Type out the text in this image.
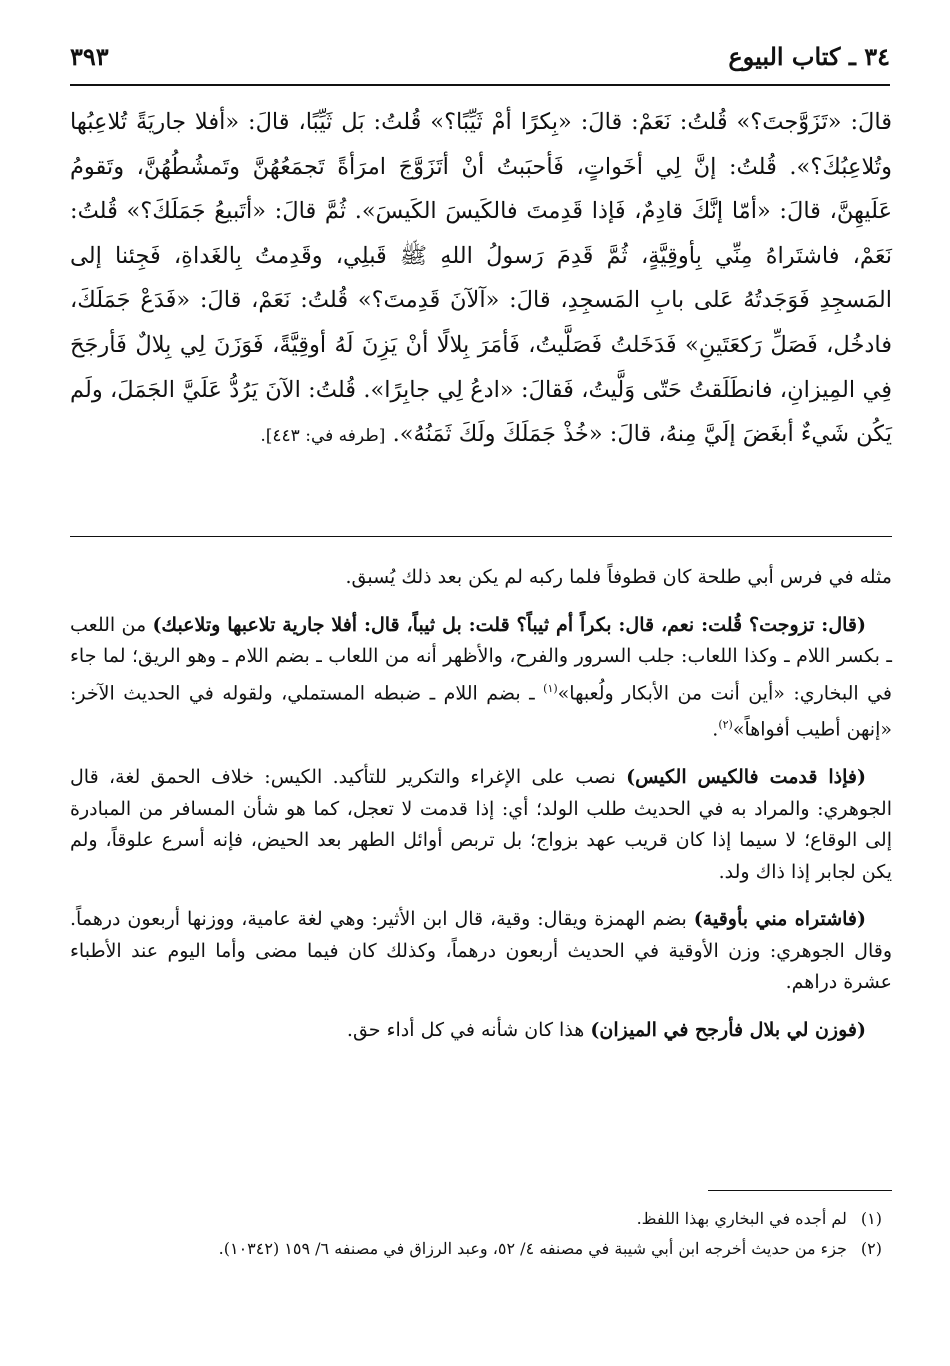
٣٤ ـ كتاب البيوع
٣٩٣
قالَ: «تَزَوَّجتَ؟» قُلتُ: نَعَمْ: قالَ: «بِكرًا أمْ ثَيِّبًا؟» قُلتُ: بَل ثَيِّبًا، قالَ: «أفلا جاريَةً تُلاعِبُها وتُلاعِبُكَ؟». قُلتُ: إنَّ لِي أخَواتٍ، فَأحبَبتُ أنْ أتَزَوَّجَ امرَأةً تَجمَعُهُنَّ وتَمشُطُهُنَّ، وتَقومُ عَلَيهِنَّ، قالَ: «أمّا إنَّكَ قادِمٌ، فَإذا قَدِمتَ فالكَيسَ الكَيسَ». ثُمَّ قالَ: «أتَبيعُ جَمَلَكَ؟» قُلتُ: نَعَمْ، فاشتَراهُ مِنِّي بِأوقِيَّةٍ، ثُمَّ قَدِمَ رَسولُ اللهِ ﷺ قَبلِي، وقَدِمتُ بِالغَداةِ، فَجِئنا إلى المَسجِدِ فَوَجَدتُهُ عَلى بابِ المَسجِدِ، قالَ: «آلآنَ قَدِمتَ؟» قُلتُ: نَعَمْ، قالَ: «فَدَعْ جَمَلَكَ، فادخُل، فَصَلِّ رَكعَتَينِ» فَدَخَلتُ فَصَلَّيتُ، فَأمَرَ بِلالًا أنْ يَزِنَ لَهُ أوقِيَّةً، فَوَزَنَ لِي بِلالٌ فَأرجَحَ فِي المِيزانِ، فانطَلَقتُ حَتّى وَلَّيتُ، فَقالَ: «ادعُ لِي جابِرًا». قُلتُ: الآنَ يَرُدُّ عَلَيَّ الجَمَلَ، ولَم يَكُن شَيءٌ أبغَضَ إلَيَّ مِنهُ، قالَ: «خُذْ جَمَلَكَ ولَكَ ثَمَنُهُ». [طرفه في: ٤٤٣].

مثله في فرس أبي طلحة كان قطوفاً فلما ركبه لم يكن بعد ذلك يُسبق.

(قال: تزوجت؟ قُلت: نعم، قال: بكراً أم ثيباً؟ قلت: بل ثيباً، قال: أفلا جارية تلاعبها وتلاعبك) من اللعب ـ بكسر اللام ـ وكذا اللعاب: جلب السرور والفرح، والأظهر أنه من اللعاب ـ بضم اللام ـ وهو الريق؛ لما جاء في البخاري: «أين أنت من الأبكار ولُعبها»$^{(١)}$ ـ بضم اللام ـ ضبطه المستملي، ولقوله في الحديث الآخر: «إنهن أطيب أفواهاً»$^{(٢)}$.

(فإذا قدمت فالكيس الكيس) نصب على الإغراء والتكرير للتأكيد. الكيس: خلاف الحمق لغة، قال الجوهري: والمراد به في الحديث طلب الولد؛ أي: إذا قدمت لا تعجل، كما هو شأن المسافر من المبادرة إلى الوقاع؛ لا سيما إذا كان قريب عهد بزواج؛ بل تربص أوائل الطهر بعد الحيض، فإنه أسرع علوقاً، ولم يكن لجابر إذا ذاك ولد.

(فاشتراه مني بأوقية) بضم الهمزة ويقال: وقية، قال ابن الأثير: وهي لغة عامية، ووزنها أربعون درهماً. وقال الجوهري: وزن الأوقية في الحديث أربعون درهماً، وكذلك كان فيما مضى وأما اليوم عند الأطباء عشرة دراهم.

(فوزن لي بلال فأرجح في الميزان) هذا كان شأنه في كل أداء حق.

(١)
لم أجده في البخاري بهذا اللفظ.
(٢)
جزء من حديث أخرجه ابن أبي شيبة في مصنفه ٤/ ٥٢، وعبد الرزاق في مصنفه ٦/ ١٥٩ (١٠٣٤٢).
